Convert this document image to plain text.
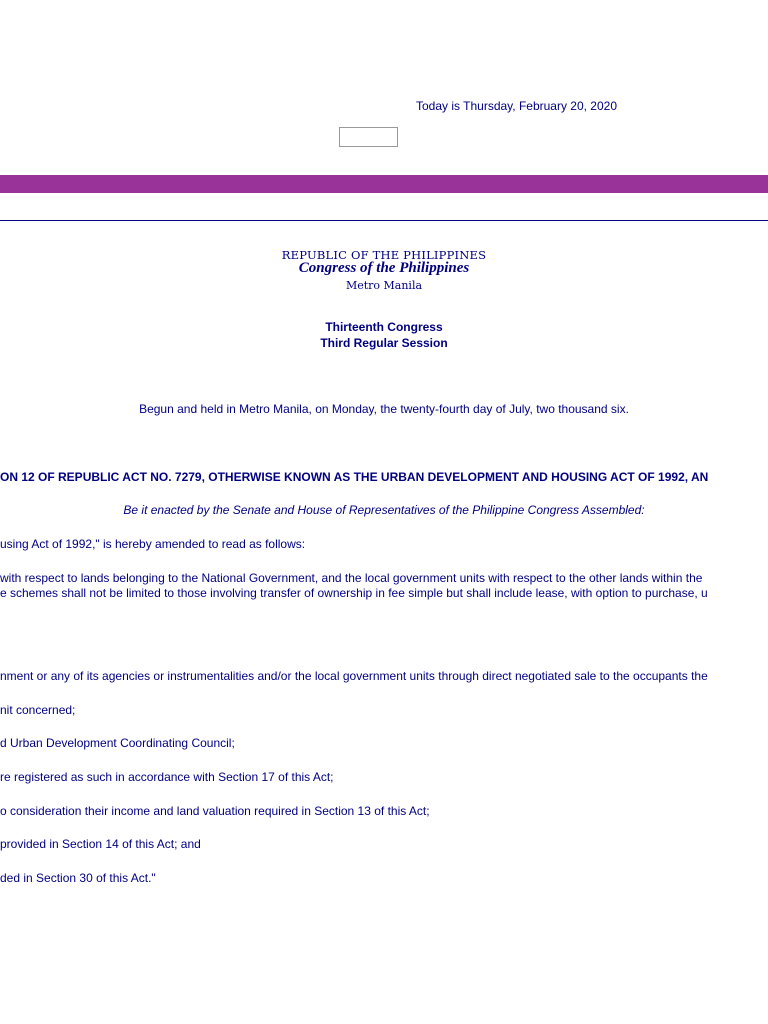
Today is Thursday, February 20, 2020
REPUBLIC OF THE PHILIPPINES
Congress of the Philippines
Metro Manila
Thirteenth Congress
Third Regular Session
Begun and held in Metro Manila, on Monday, the twenty-fourth day of July, two thousand six.
ON 12 OF REPUBLIC ACT NO. 7279, OTHERWISE KNOWN AS THE URBAN DEVELOPMENT AND HOUSING ACT OF 1992, AN
Be it enacted by the Senate and House of Representatives of the Philippine Congress Assembled:
using Act of 1992," is hereby amended to read as follows:
with respect to lands belonging to the National Government, and the local government units with respect to the other lands within the
e schemes shall not be limited to those involving transfer of ownership in fee simple but shall include lease, with option to purchase, u
nment or any of its agencies or instrumentalities and/or the local government units through direct negotiated sale to the occupants the
nit concerned;
d Urban Development Coordinating Council;
re registered as such in accordance with Section 17 of this Act;
o consideration their income and land valuation required in Section 13 of this Act;
provided in Section 14 of this Act; and
ded in Section 30 of this Act."
